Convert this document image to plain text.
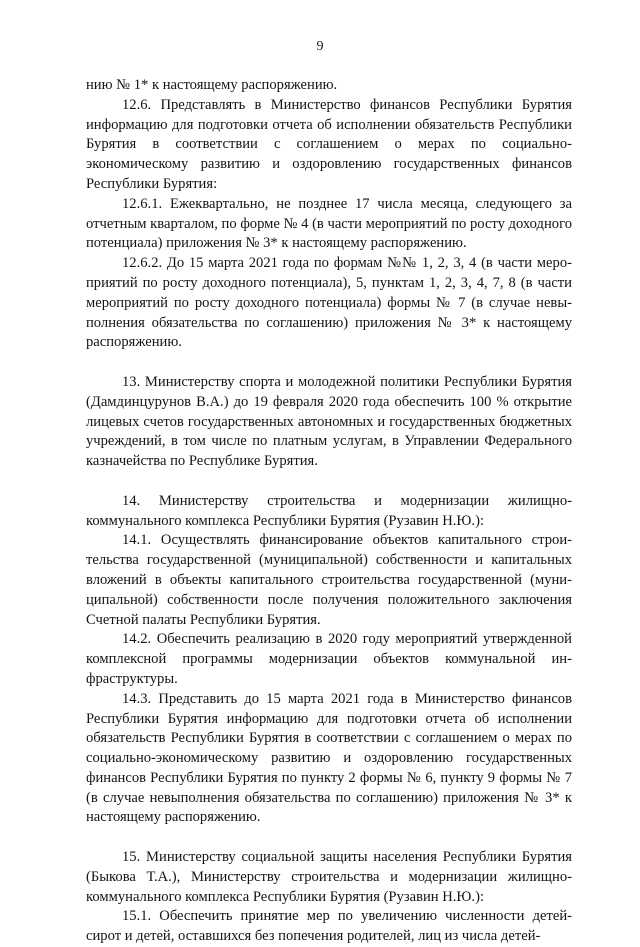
9

нию № 1* к настоящему распоряжению.

12.6. Представлять в Министерство финансов Республики Бурятия информацию для подготовки отчета об исполнении обязательств Республики Бурятия в соответствии с соглашением о мерах по социально-экономическому развитию и оздоровлению государственных финансов Республики Бурятия:

12.6.1. Ежеквартально, не позднее 17 числа месяца, следующего за отчетным кварталом, по форме № 4 (в части мероприятий по росту доходного потенциала) приложения № 3* к настоящему распоряжению.

12.6.2. До 15 марта 2021 года по формам №№ 1, 2, 3, 4 (в части мероприятий по росту доходного потенциала), 5, пунктам 1, 2, 3, 4, 7, 8 (в части мероприятий по росту доходного потенциала) формы № 7 (в случае невыполнения обязательства по соглашению) приложения № 3* к настоящему распоряжению.

13. Министерству спорта и молодежной политики Республики Бурятия (Дамдинцурунов В.А.) до 19 февраля 2020 года обеспечить 100 % открытие лицевых счетов государственных автономных и государственных бюджетных учреждений, в том числе по платным услугам, в Управлении Федерального казначейства по Республике Бурятия.

14. Министерству строительства и модернизации жилищно-коммунального комплекса Республики Бурятия (Рузавин Н.Ю.):

14.1. Осуществлять финансирование объектов капитального строительства государственной (муниципальной) собственности и капитальных вложений в объекты капитального строительства государственной (муниципальной) собственности после получения положительного заключения Счетной палаты Республики Бурятия.

14.2. Обеспечить реализацию в 2020 году мероприятий утвержденной комплексной программы модернизации объектов коммунальной инфраструктуры.

14.3. Представить до 15 марта 2021 года в Министерство финансов Республики Бурятия информацию для подготовки отчета об исполнении обязательств Республики Бурятия в соответствии с соглашением о мерах по социально-экономическому развитию и оздоровлению государственных финансов Республики Бурятия по пункту 2 формы № 6, пункту 9 формы № 7 (в случае невыполнения обязательства по соглашению) приложения № 3* к настоящему распоряжению.

15. Министерству социальной защиты населения Республики Бурятия (Быкова Т.А.), Министерству строительства и модернизации жилищно-коммунального комплекса Республики Бурятия (Рузавин Н.Ю.):

15.1. Обеспечить принятие мер по увеличению численности детей-сирот и детей, оставшихся без попечения родителей, лиц из числа детей-
